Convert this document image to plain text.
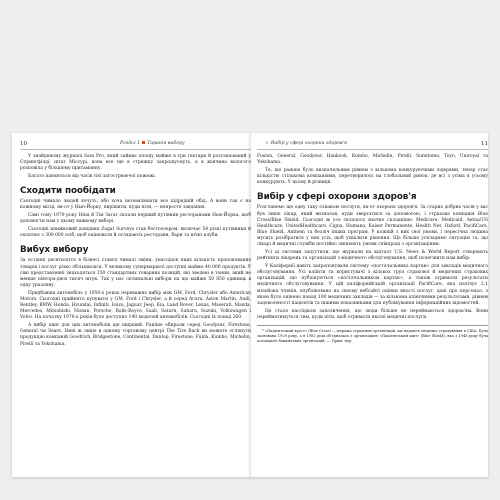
10	Розділ 1 Тиранія вибору

У знайденому журналі Sass Pro, який займає площу майже в три гектари й розташований у Спрингфілді, штат Міссурі, вона все ще в стрижку запрошусмуть, а в жінчина вологого розповіла у більшому притаманну.

Багато паняються від часів тієї загострюючої пожежі.

Сходити пообідати

Сьогодні чимало людей хочуть, або хоча іноземлювати все підрядній обід. А вони так є на кожному місці, як-от у Нью-Йорку, вирішити, куди піти, — непросте завдання.

Самі тому 1979 року Ніна й Тім Загат склали перший путівник ресторанами Нью-Йорка, щоб допомогти нам у цьому важкому виборі.

Сьогодні книжковий довідник Zagat Surveys став бестселером, включає 54 різні путівники й охоплює з 300 000 осіб, щоб оцінювати й оглядають ресторани, бари та нічні клуби.

Вибух вибору

За останні десятиліття в бізнесі стався чималі зміни, унаслідок яких кількість пропонованих товарів і послуг різко збільшилася. У великому супермаркеті доступні майже 40 000 продуктів. У сімі представленні знаходяться 150 стандартних товарних позицій, які зведені в тонни, який не менше півтора-двох тисяч штук. Так у нас оптимальні вибори на що майже 50 850 одиниць в одну уразливу.

Придбавши автомобіль у 1950-х роках переважно вибір між GM, Ford, Chrysler або American Motors. Сьогодні прийнято купувати у GM, Ford і Chrysler, а й серед Acura, Aston Martin, Audi, Bentley, BMW, Honda, Hyundai, Infiniti, Isuzu, Jaguar, Jeep, Kia, Land Rover, Lexus, Maserati, Mazda, Mercedes, Mitsubishi, Nissan, Porsche, Rolls-Royce, Saab, Saturn, Subaru, Suzuki, Volkswagen і Volvo. На початку 1970-х років було доступно 140 моделей автомобілів. Сьогодні їх понад 260.

А вибір шин для цих автомобілів ще ширший. Раніше обирали серед Goodyear, Firestone, General чи Sears. Нині ж лише в одному торговому центрі The Tire Rack ви можете оглянути продукцію компаній Goodrich, Bridgestone, Continental, Dunlop, Firestone, Fulda, Kumho, Michelin, Pirelli та Yokohama.

> Вибір у сфері охорони здоров'я	11

Fusion, General, Goodyear, Hankook, Kumho, Michelin, Pirelli, Sumitomo, Toyo, Uniroyal та Yokohama.

Те, що раніше було визначальним рівнем з кількома конкуруючими лідерами, тепер стає кількістю стількома компаніями, перетворилось на глобальний ринок, де всі з усіма в усьому конкурують. У цьому й різниця.

Вибір у сфері охорони здоров'я

Розглянемо ще одну таку ознакою послуги, як-от охорона здоров'я. За старих добрих часів у вас був лише лікар, який визначав, куди звертатися за допомогою, і страхова компанія Blue Cross/Blue Shield. Сьогодні ж усе склалося значно складніше: Medicare, Medicaid, Aetna/US Healthcare, UnitedHealthcare, Cigna, Humana, Kaiser Permanente, Health Net, Oxford, PacifiCare, Blue Shield, Anthem та безліч інших програм. У кожній з них свої умови, і пересічна людина мусить розібратися у них усіх, щоб ухвалити рішення. Ще більше ускладнює ситуацію та, що лікарі й медичні служби постійно змінюють умови співпраці з організаціями.

Усі ці системи запустили, що журнали на кшталт U.S. News & World Report створюють рейтинги лікарень та організацій з медичного обслуговування, щоб полегшити нам вибір.

У Каліфорнії навіть запропонували систему «постачальника картки» для закладів медичного обслуговування. Усі кліїнти та користувачі з кількох груп страхової й медичних страхових організацій, що публікуються «постачальником карток», а також отримати результати медичного обслуговування. У цій каліфорнійській організації PacifiCare, яка налічує 2,1 мільйона членів, опубліковано на своєму вебсайті оцінки якості послуг, дані про персонал, з якою було оцінено понад 100 медичних закладів — за кількома клінічними результатами, рівнем задоволеності пацієнтів та іншими показниками для публікування інформаційних відомостей.

Це стало наслідком запозичення, що люди більше не переймаються здоров'ям. Вони перейматимуться тим, куди піти, щоб отримати якісні медичні послуги.

* «Пацієнтський хрест» (Blue Cross) — мережа страхових організацій, що надають медичне страхування в США. Була заснована 1929 року, а в 1982 році об'єдналась з організацією «Пацієнтський щит» (Blue Shield), яка з 1948 року була асоціацією банківських організацій. — Прим. пер.
